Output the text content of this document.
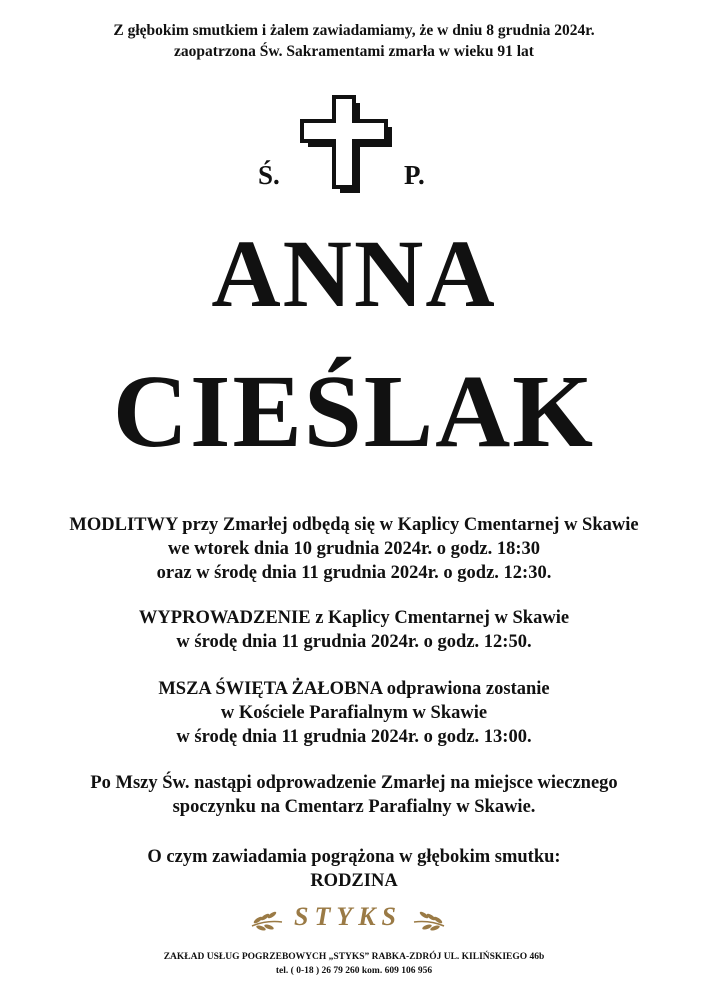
Z głębokim smutkiem i żalem zawiadamiamy, że w dniu 8 grudnia 2024r.
zaopatrzona Św. Sakramentami zmarła w wieku 91 lat
Ś.	P.
ANNA
CIEŚLAK
MODLITWY przy Zmarłej odbędą się w Kaplicy Cmentarnej w Skawie
we wtorek dnia 10 grudnia 2024r. o godz. 18:30
oraz w środę dnia 11 grudnia 2024r. o godz. 12:30.
WYPROWADZENIE z Kaplicy Cmentarnej w Skawie
w środę dnia 11 grudnia 2024r. o godz. 12:50.
MSZA ŚWIĘTA ŻAŁOBNA odprawiona zostanie
w Kościele Parafialnym w Skawie
w środę dnia 11 grudnia 2024r. o godz. 13:00.
Po Mszy Św. nastąpi odprowadzenie Zmarłej na miejsce wiecznego
spoczynku na Cmentarz Parafialny w Skawie.
O czym zawiadamia pogrążona w głębokim smutku:
RODZINA
STYKS
ZAKŁAD USŁUG POGRZEBOWYCH „STYKS” RABKA-ZDRÓJ UL. KILIŃSKIEGO 46b
tel. ( 0-18 ) 26 79 260 kom. 609 106 956
